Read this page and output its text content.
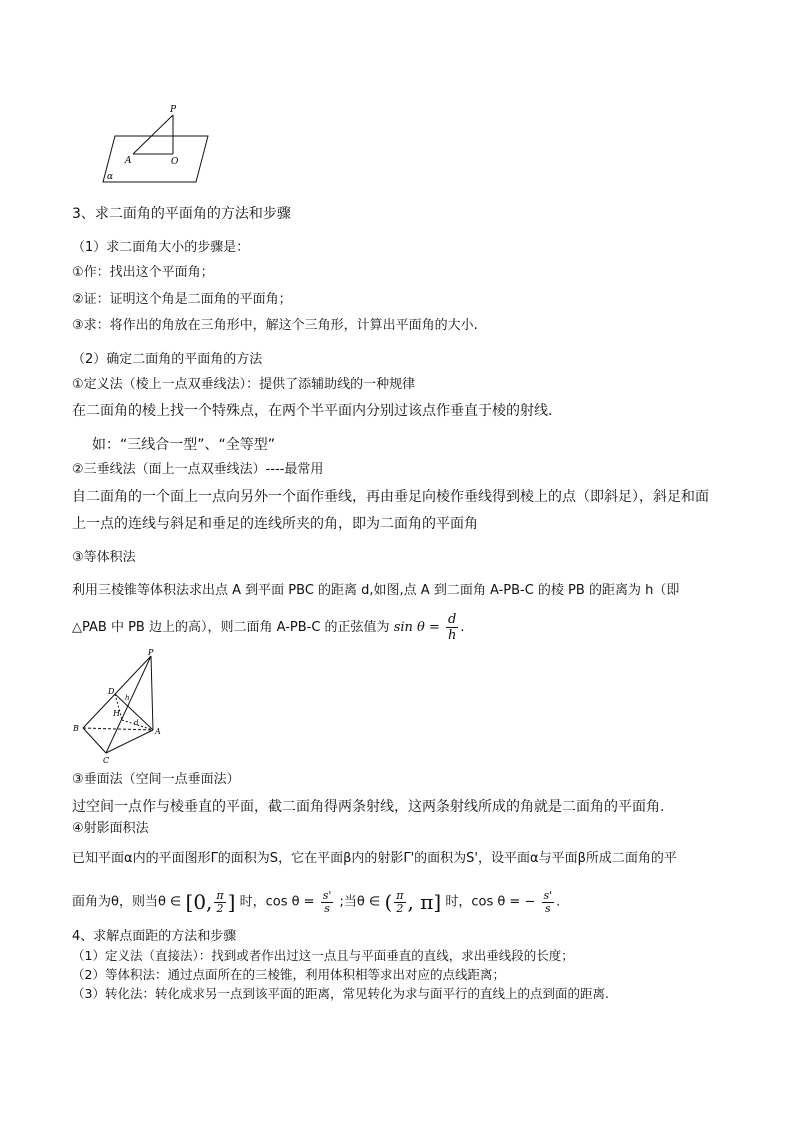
P
A	O
α
3、求二面角的平面角的方法和步骤
（1）求二面角大小的步骤是：
①作：找出这个平面角；
②证：证明这个角是二面角的平面角；
③求：将作出的角放在三角形中，解这个三角形，计算出平面角的大小.
（2）确定二面角的平面角的方法
①定义法（棱上一点双垂线法）：提供了添辅助线的一种规律
在二面角的棱上找一个特殊点，在两个半平面内分别过该点作垂直于棱的射线.
如：“三线合一型”、“全等型”
②三垂线法（面上一点双垂线法）----最常用
自二面角的一个面上一点向另外一个面作垂线，再由垂足向棱作垂线得到棱上的点（即斜足），斜足和面
上一点的连线与斜足和垂足的连线所夹的角，即为二面角的平面角
③等体积法
利用三棱锥等体积法求出点 A 到平面 PBC 的距离 d,如图,点 A 到二面角 A-PB-C 的棱 PB 的距离为 h（即
△PAB 中 PB 边上的高），则二面角 A-PB-C 的正弦值为 $\sin \theta = \frac{d}{h}$ .
P
D
h
H
d
B	A
C
③垂面法（空间一点垂面法）
过空间一点作与棱垂直的平面，截二面角得两条射线，这两条射线所成的角就是二面角的平面角.
④射影面积法
已知平面α内的平面图形Γ的面积为S，它在平面β内的射影Γ'的面积为S'，设平面α与平面β所成二面角的平
面角为θ，则当θ ∈ [0, $\frac{\pi}{2}$ ] 时，$\cos \theta = \frac{s'}{s}$ ;当θ ∈ ( $\frac{\pi}{2}$ , π] 时，cos θ = − $\frac{s'}{s}$ .
4、求解点面距的方法和步骤
（1）定义法（直接法）：找到或者作出过这一点且与平面垂直的直线，求出垂线段的长度；
（2）等体积法：通过点面所在的三棱锥，利用体积相等求出对应的点线距离；
（3）转化法：转化成求另一点到该平面的距离，常见转化为求与面平行的直线上的点到面的距离.
